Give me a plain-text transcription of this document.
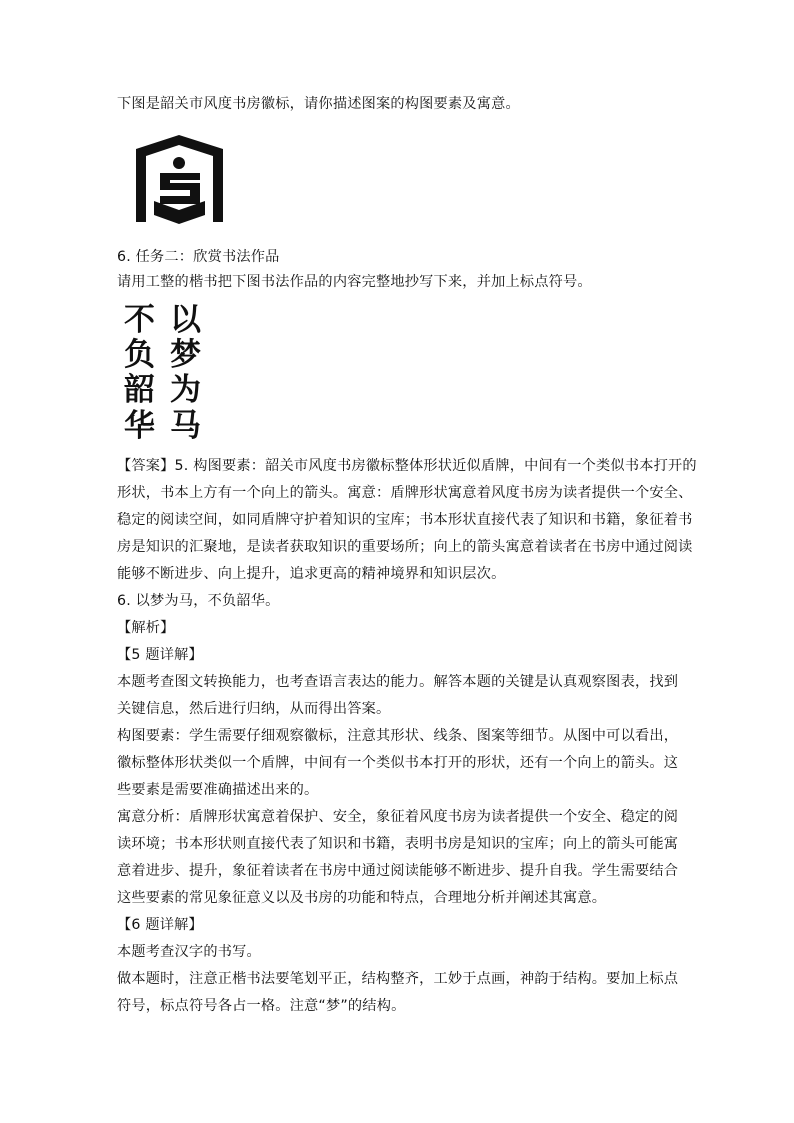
下图是韶关市风度书房徽标，请你描述图案的构图要素及寓意。
6. 任务二：欣赏书法作品
请用工整的楷书把下图书法作品的内容完整地抄写下来，并加上标点符号。
以
梦
为
马
不
负
韶
华
【答案】5. 构图要素：韶关市风度书房徽标整体形状近似盾牌，中间有一个类似书本打开的
形状，书本上方有一个向上的箭头。寓意：盾牌形状寓意着风度书房为读者提供一个安全、
稳定的阅读空间，如同盾牌守护着知识的宝库；书本形状直接代表了知识和书籍，象征着书
房是知识的汇聚地，是读者获取知识的重要场所；向上的箭头寓意着读者在书房中通过阅读
能够不断进步、向上提升，追求更高的精神境界和知识层次。
6. 以梦为马，不负韶华。
【解析】
【5 题详解】
本题考查图文转换能力，也考查语言表达的能力。解答本题的关键是认真观察图表，找到
关键信息，然后进行归纳，从而得出答案。
构图要素：学生需要仔细观察徽标，注意其形状、线条、图案等细节。从图中可以看出，
徽标整体形状类似一个盾牌，中间有一个类似书本打开的形状，还有一个向上的箭头。这
些要素是需要准确描述出来的。
寓意分析：盾牌形状寓意着保护、安全，象征着风度书房为读者提供一个安全、稳定的阅
读环境；书本形状则直接代表了知识和书籍，表明书房是知识的宝库；向上的箭头可能寓
意着进步、提升，象征着读者在书房中通过阅读能够不断进步、提升自我。学生需要结合
这些要素的常见象征意义以及书房的功能和特点，合理地分析并阐述其寓意。
【6 题详解】
本题考查汉字的书写。
做本题时，注意正楷书法要笔划平正，结构整齐，工妙于点画，神韵于结构。要加上标点
符号，标点符号各占一格。注意“梦”的结构。
